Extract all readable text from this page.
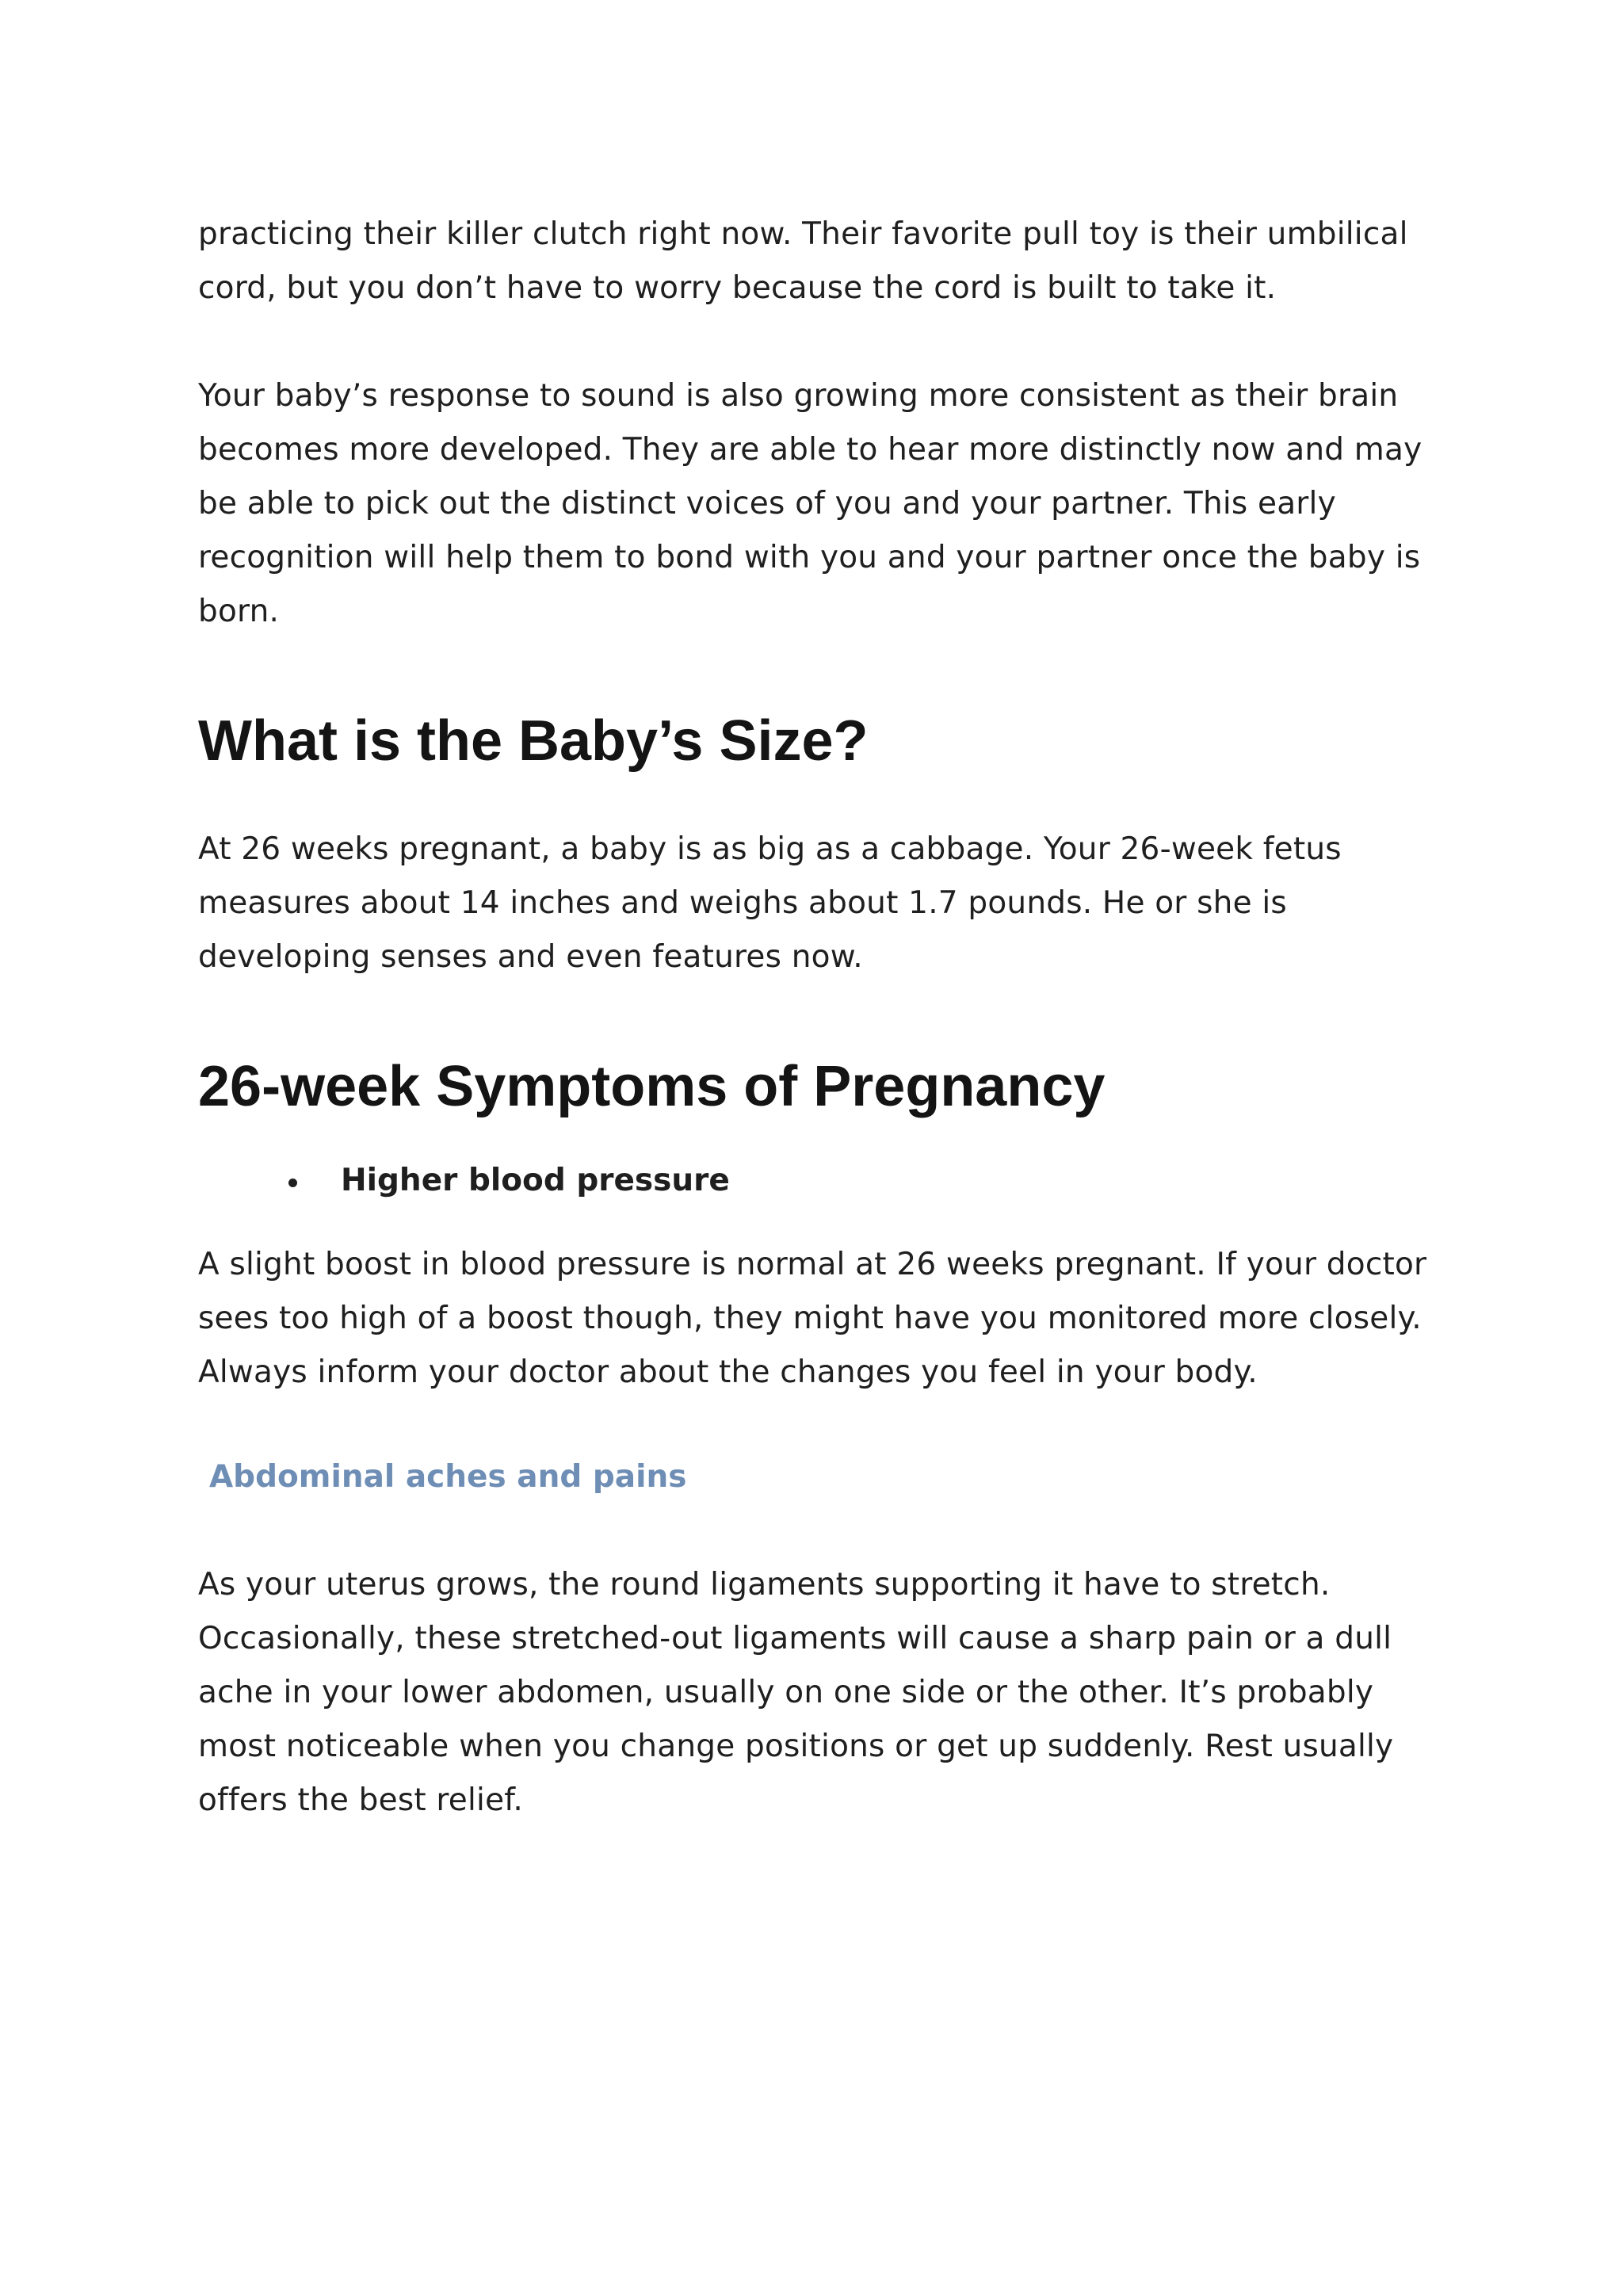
practicing their killer clutch right now. Their favorite pull toy is their umbilical cord, but you don’t have to worry because the cord is built to take it.

Your baby’s response to sound is also growing more consistent as their brain becomes more developed. They are able to hear more distinctly now and may be able to pick out the distinct voices of you and your partner. This early recognition will help them to bond with you and your partner once the baby is born.

What is the Baby’s Size?

At 26 weeks pregnant, a baby is as big as a cabbage. Your 26-week fetus measures about 14 inches and weighs about 1.7 pounds. He or she is developing senses and even features now.

26-week Symptoms of Pregnancy
Higher blood pressure

A slight boost in blood pressure is normal at 26 weeks pregnant. If your doctor sees too high of a boost though, they might have you monitored more closely. Always inform your doctor about the changes you feel in your body.

Abdominal aches and pains

As your uterus grows, the round ligaments supporting it have to stretch. Occasionally, these stretched-out ligaments will cause a sharp pain or a dull ache in your lower abdomen, usually on one side or the other. It’s probably most noticeable when you change positions or get up suddenly. Rest usually offers the best relief.
